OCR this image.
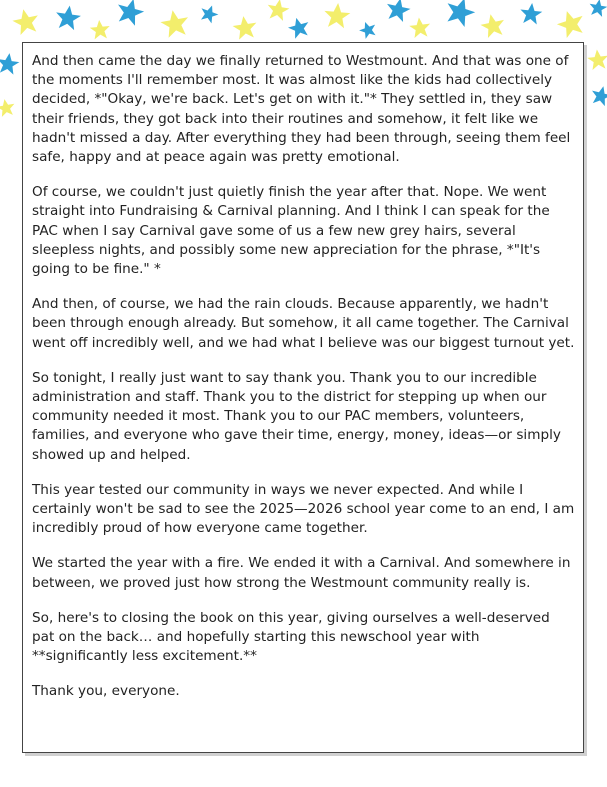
And then came the day we finally returned to Westmount. And that was one of the moments I'll remember most. It was almost like the kids had collectively decided, *"Okay, we're back. Let's get on with it."* They settled in, they saw their friends, they got back into their routines and somehow, it felt like we hadn't missed a day. After everything they had been through, seeing them feel safe, happy and at peace again was pretty emotional.

Of course, we couldn't just quietly finish the year after that. Nope. We went straight into Fundraising & Carnival planning. And I think I can speak for the PAC when I say Carnival gave some of us a few new grey hairs, several sleepless nights, and possibly some new appreciation for the phrase, *"It's going to be fine." *

And then, of course, we had the rain clouds. Because apparently, we hadn't been through enough already. But somehow, it all came together. The Carnival went off incredibly well, and we had what I believe was our biggest turnout yet.

So tonight, I really just want to say thank you. Thank you to our incredible administration and staff. Thank you to the district for stepping up when our community needed it most. Thank you to our PAC members, volunteers, families, and everyone who gave their time, energy, money, ideas—or simply showed up and helped.

This year tested our community in ways we never expected. And while I certainly won't be sad to see the 2025—2026 school year come to an end, I am incredibly proud of how everyone came together.

We started the year with a fire. We ended it with a Carnival. And somewhere in between, we proved just how strong the Westmount community really is.

So, here's to closing the book on this year, giving ourselves a well-deserved pat on the back… and hopefully starting this newschool year with **significantly less excitement.**

Thank you, everyone.
